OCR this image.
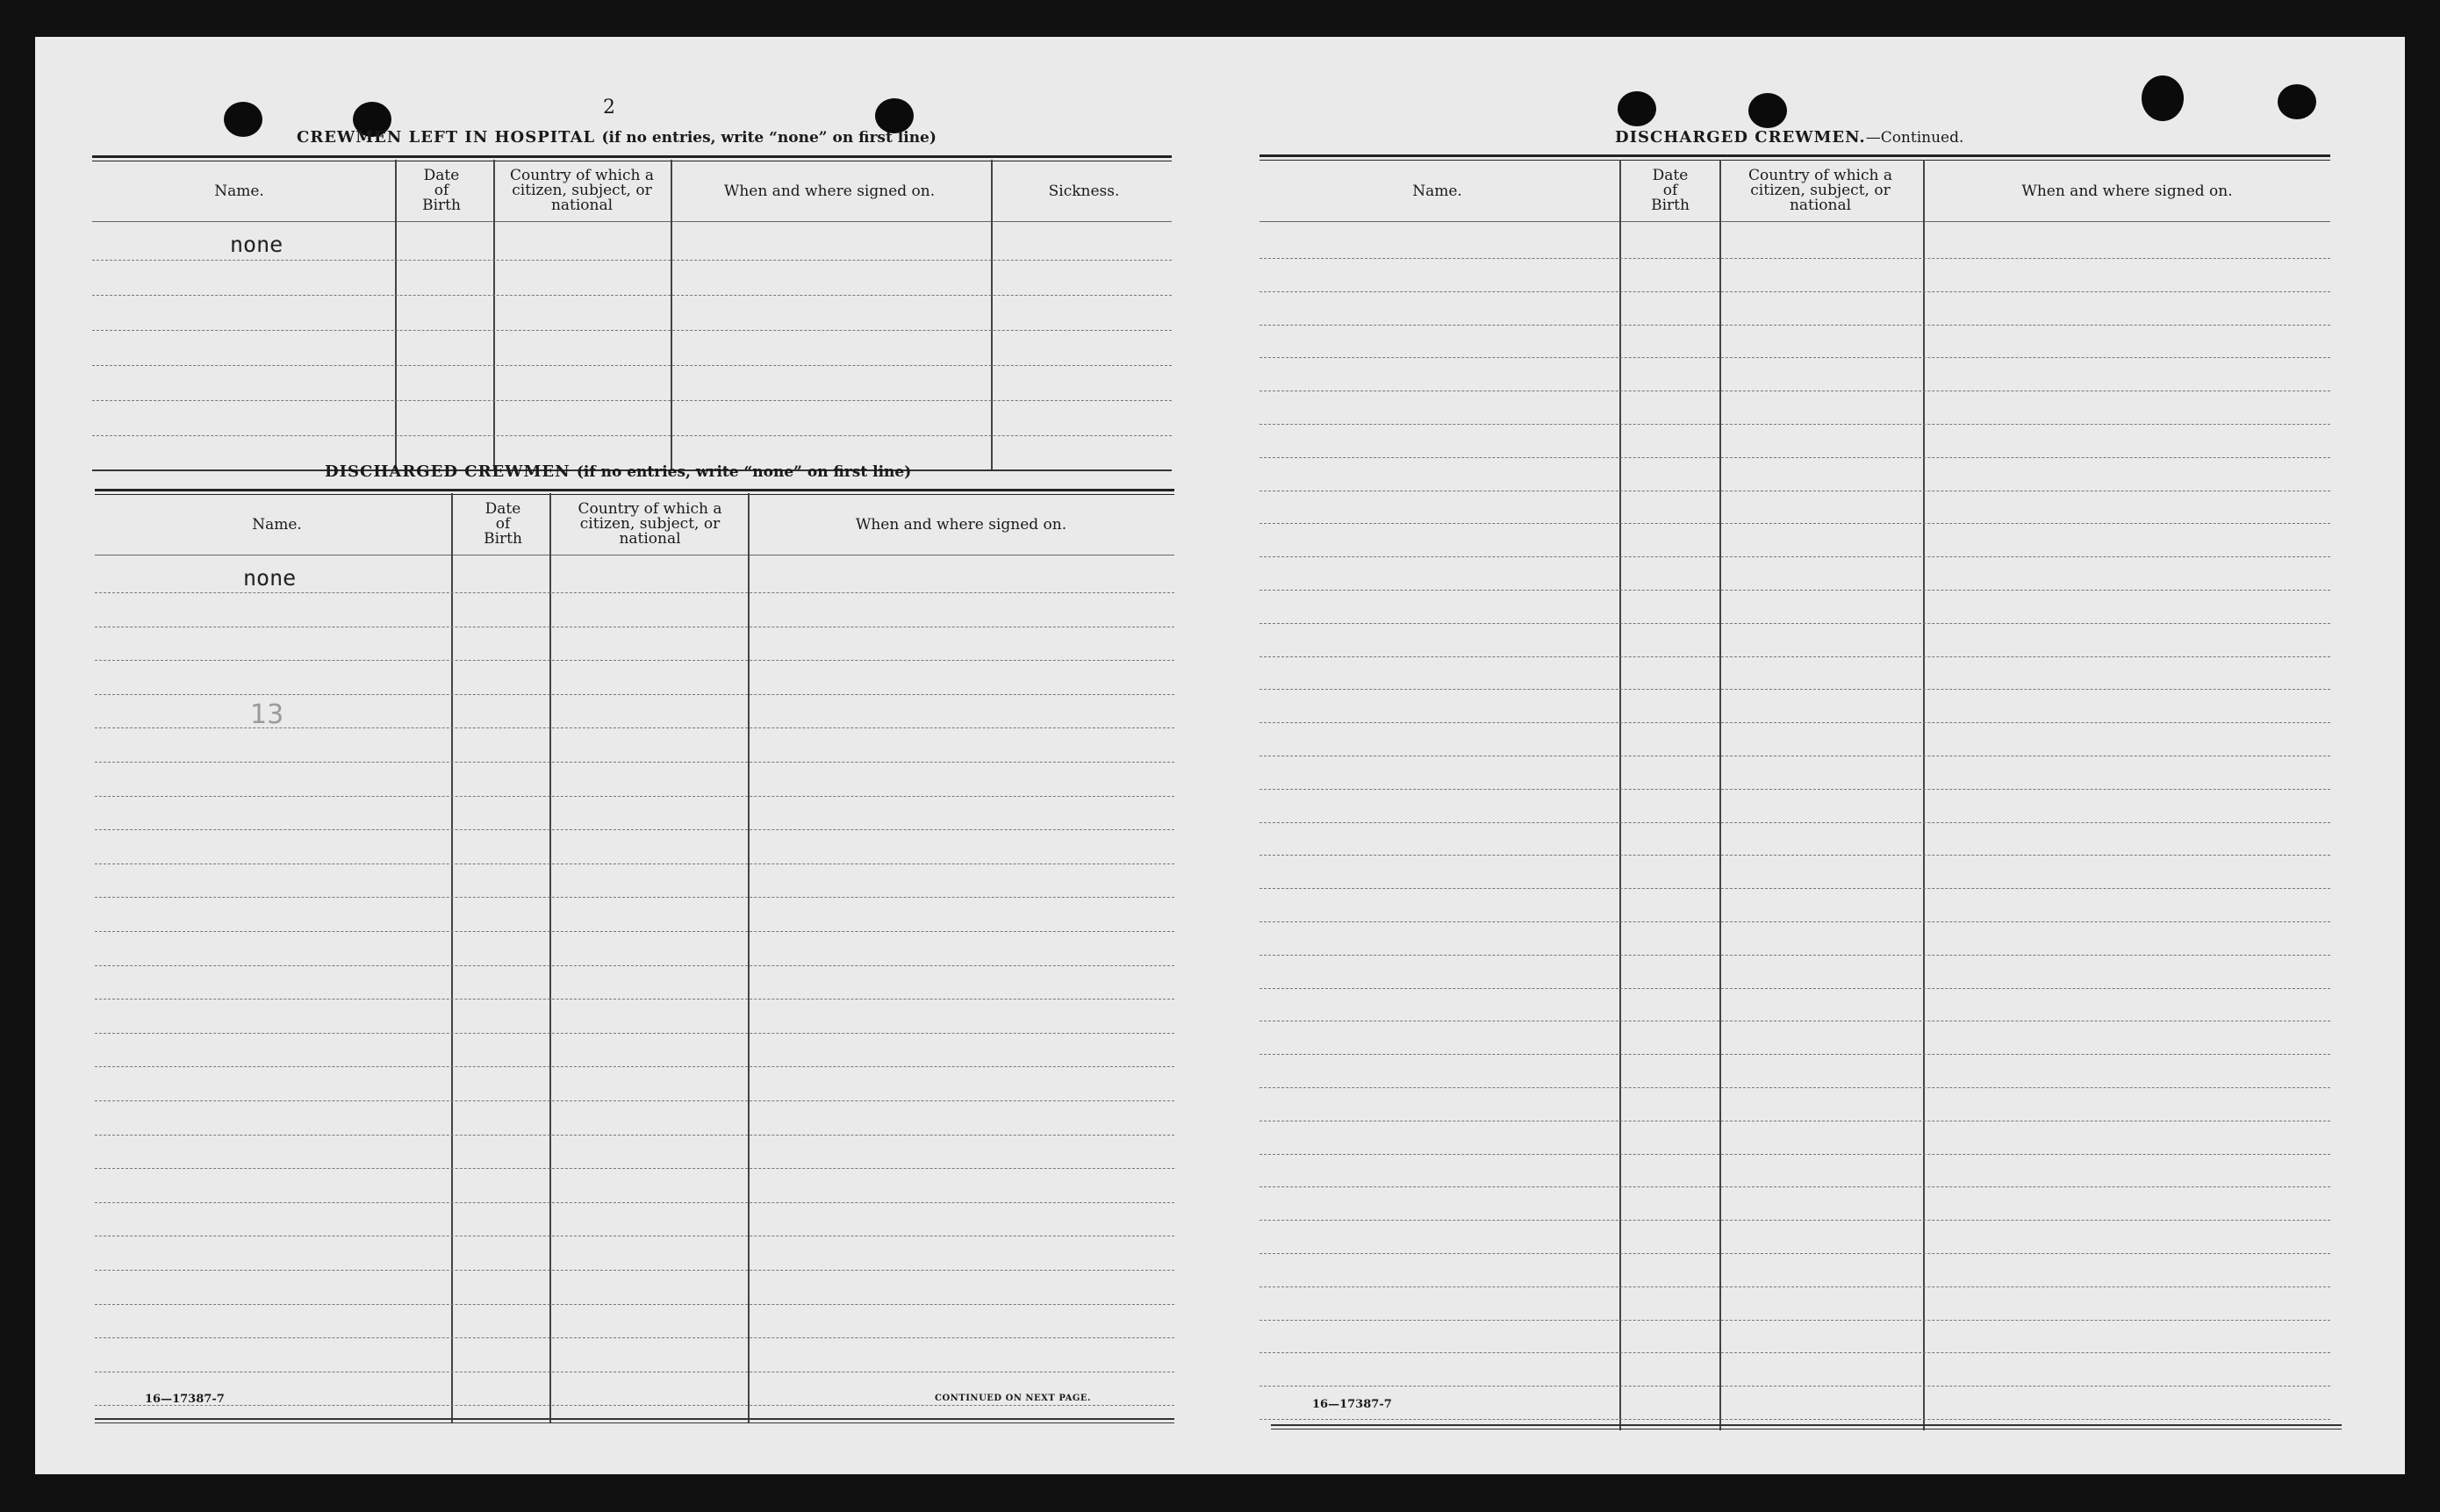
2
CREWMEN LEFT IN HOSPITAL (if no entries, write “none” on first line)
Name.
Date
of
Birth
Country of which a
citizen, subject, or
national
When and where signed on.	Sickness.
none
DISCHARGED CREWMEN (if no entries, write “none” on first line)
Name.
Date
of
Birth
Country of which a
citizen, subject, or
national
When and where signed on.
none
13
16—17387-7	CONTINUED ON NEXT PAGE.
DISCHARGED CREWMEN.—Continued.
Name.
Date
of
Birth
Country of which a
citizen, subject, or
national
When and where signed on.
16—17387-7
